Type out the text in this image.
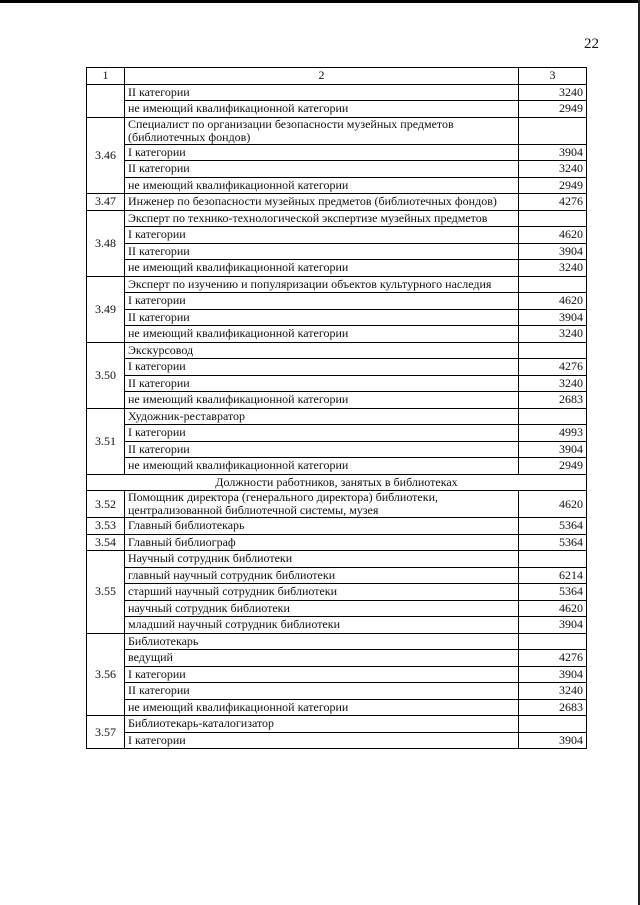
22
1	2	3
	II категории	3240
	не имеющий квалификационной категории	2949
3.46	Специалист по организации безопасности музейных предметов (библиотечных фондов)	
	I категории	3904
	II категории	3240
	не имеющий квалификационной категории	2949
3.47	Инженер по безопасности музейных предметов (библиотечных фондов)	4276
3.48	Эксперт по технико-технологической экспертизе музейных предметов	
	I категории	4620
	II категории	3904
	не имеющий квалификационной категории	3240
3.49	Эксперт по изучению и популяризации объектов культурного наследия	
	I категории	4620
	II категории	3904
	не имеющий квалификационной категории	3240
3.50	Экскурсовод	
	I категории	4276
	II категории	3240
	не имеющий квалификационной категории	2683
3.51	Художник-реставратор	
	I категории	4993
	II категории	3904
	не имеющий квалификационной категории	2949
Должности работников, занятых в библиотеках		
3.52	Помощник директора (генерального директора) библиотеки, централизованной библиотечной системы, музея	4620
3.53	Главный библиотекарь	5364
3.54	Главный библиограф	5364
3.55	Научный сотрудник библиотеки	
	главный научный сотрудник библиотеки	6214
	старший научный сотрудник библиотеки	5364
	научный сотрудник библиотеки	4620
	младший научный сотрудник библиотеки	3904
3.56	Библиотекарь	
	ведущий	4276
	I категории	3904
	II категории	3240
	не имеющий квалификационной категории	2683
3.57	Библиотекарь-каталогизатор	
	I категории	3904
